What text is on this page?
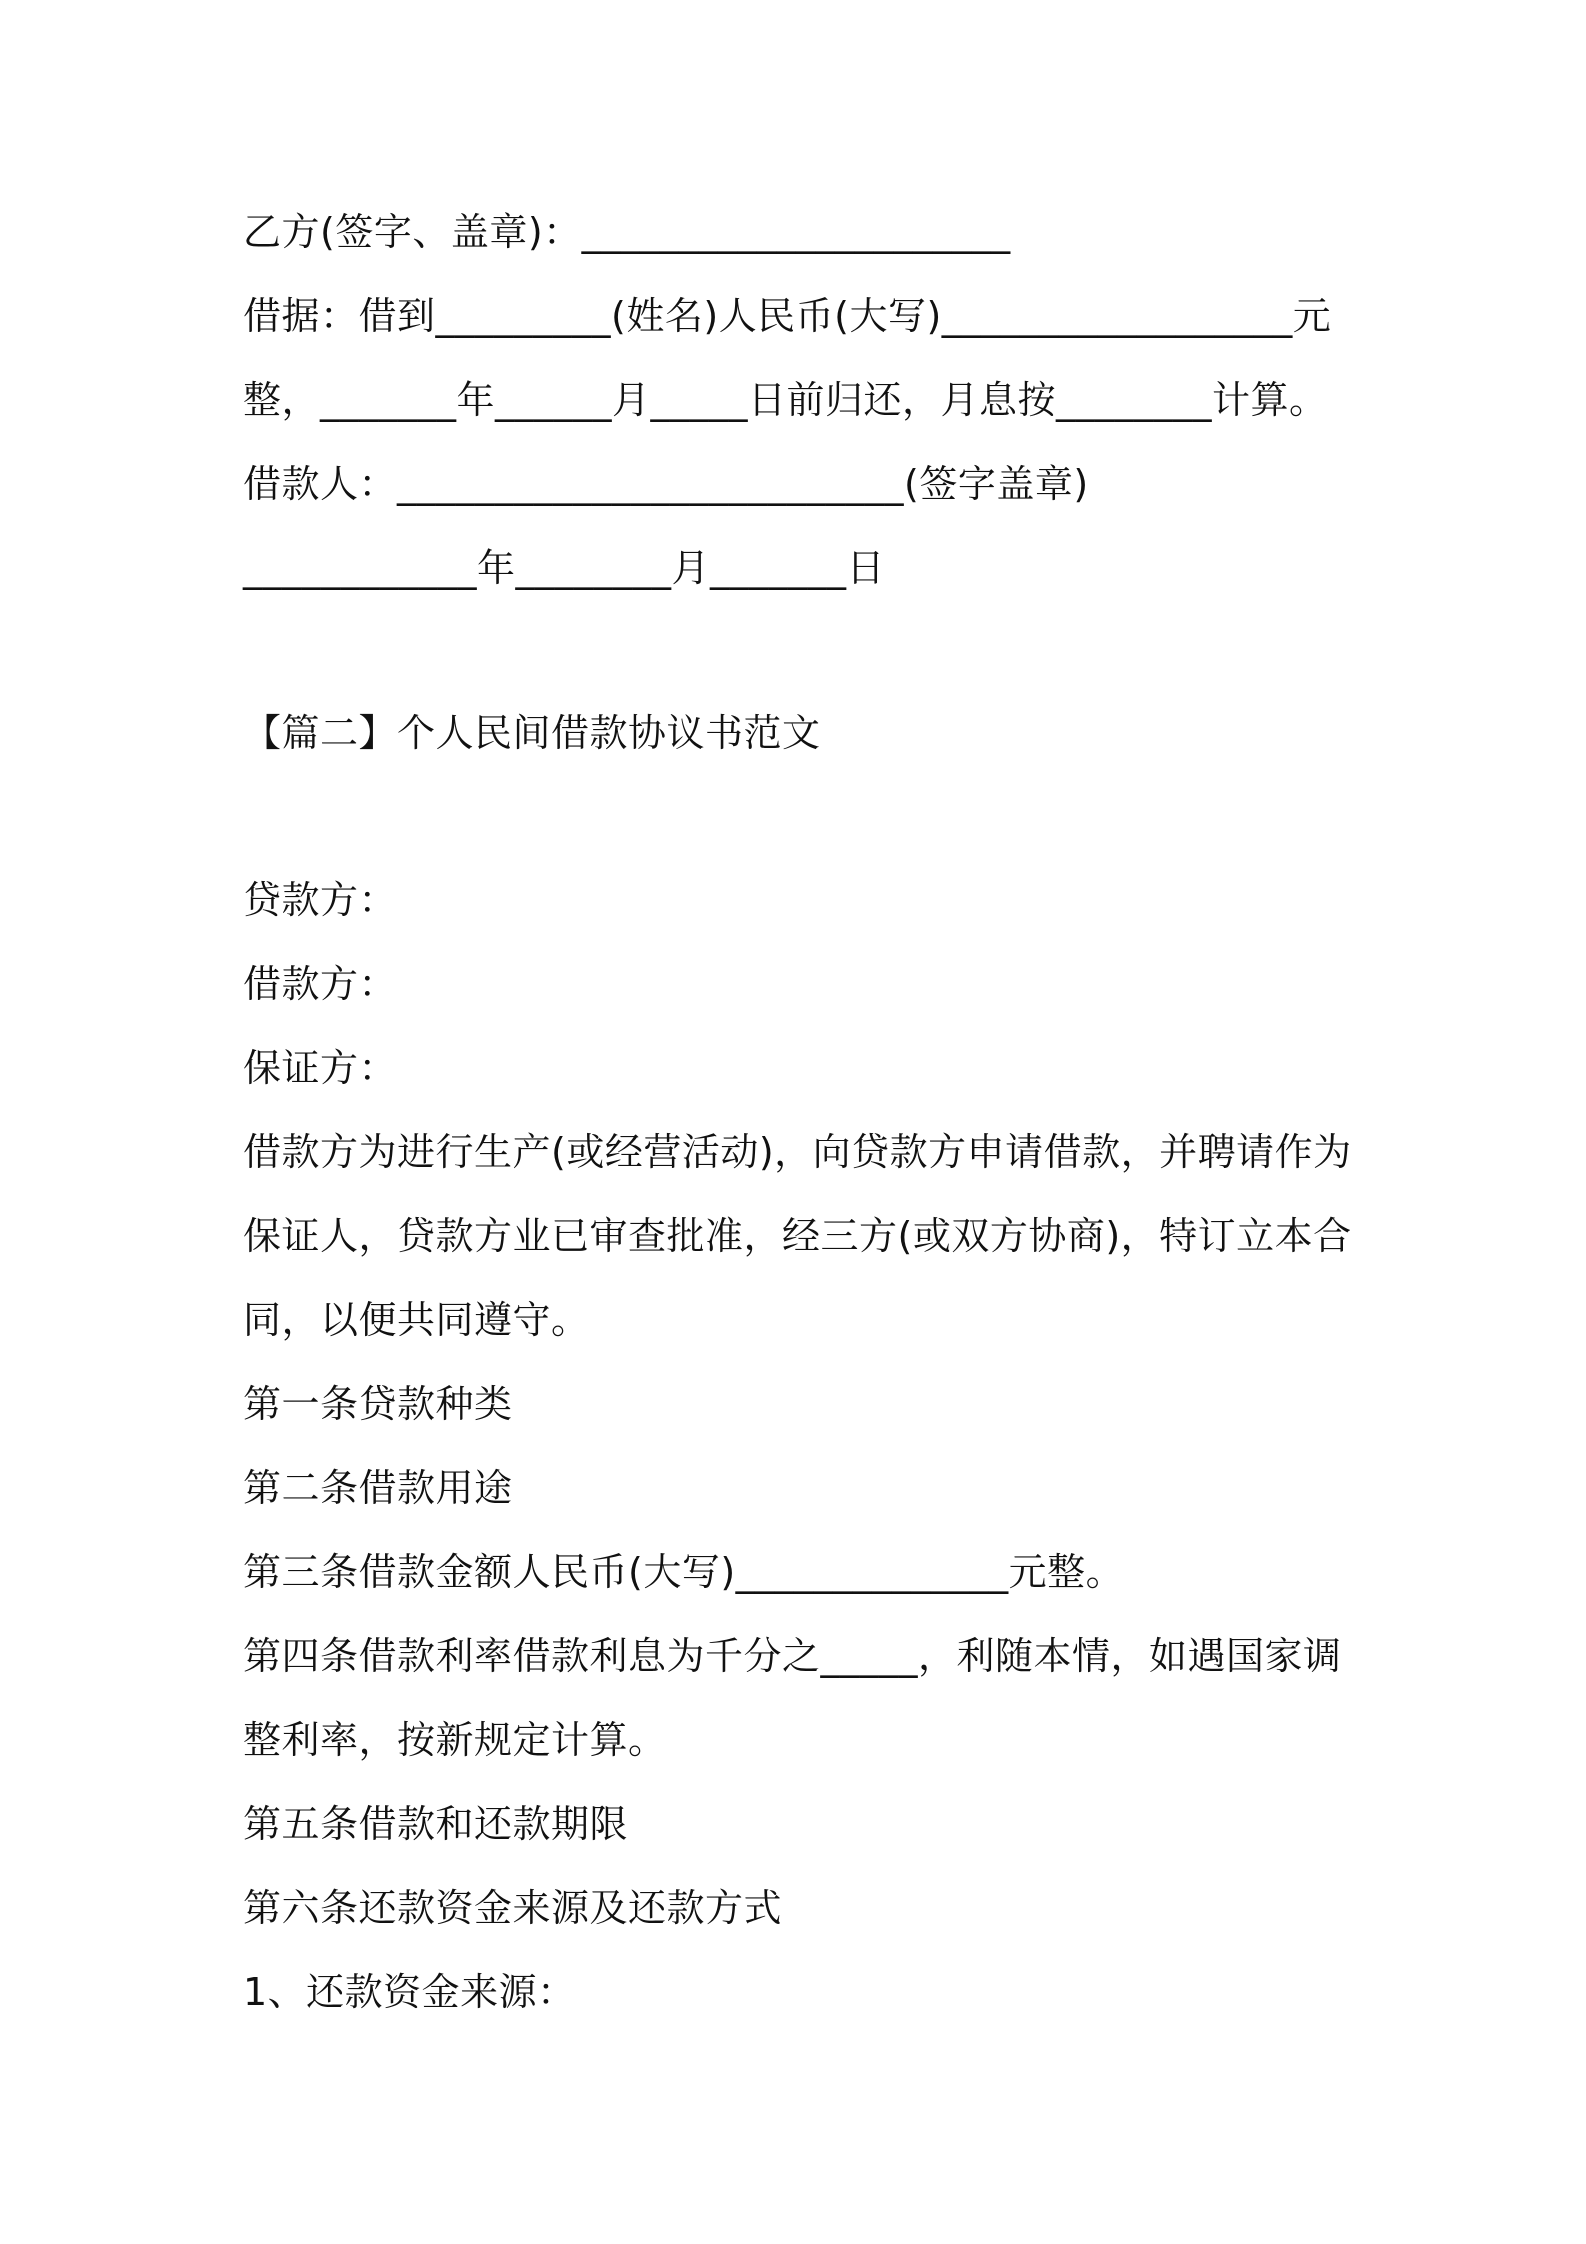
乙方(签字、盖章)：______________________
借据：借到_________(姓名)人民币(大写)__________________元
整，_______年______月_____日前归还，月息按________计算。
借款人：__________________________(签字盖章)
____________年________月_______日
【篇二】个人民间借款协议书范文
贷款方：
借款方：
保证方：
借款方为进行生产(或经营活动)，向贷款方申请借款，并聘请作为
保证人，贷款方业已审查批准，经三方(或双方协商)，特订立本合
同，以便共同遵守。
第一条贷款种类
第二条借款用途
第三条借款金额人民币(大写)______________元整。
第四条借款利率借款利息为千分之_____，利随本情，如遇国家调
整利率，按新规定计算。
第五条借款和还款期限
第六条还款资金来源及还款方式
1、还款资金来源：
